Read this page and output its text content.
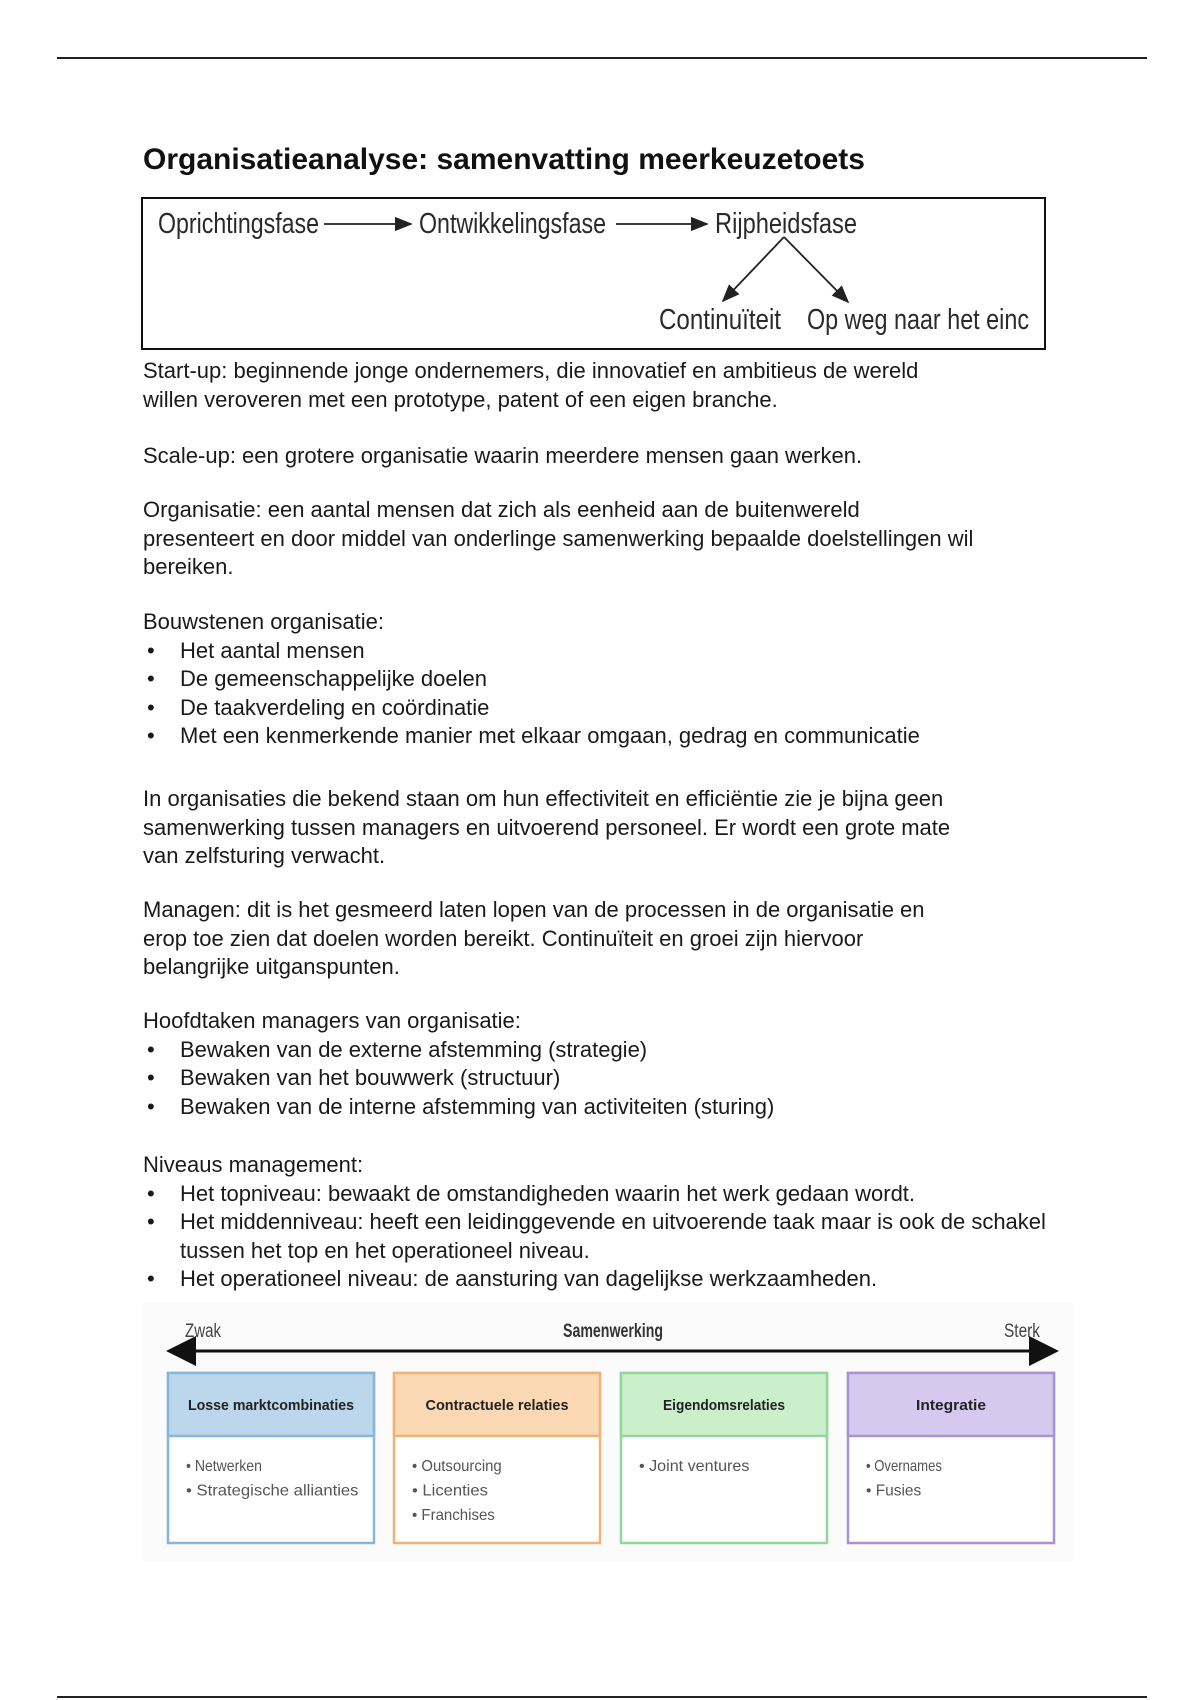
Organisatieanalyse: samenvatting meerkeuzetoets
Oprichtingsfase	Ontwikkelingsfase	Rijpheidsfase
Continuïteit Op weg naar het einc

Start-up: beginnende jonge ondernemers, die innovatief en ambitieus de wereld

willen veroveren met een prototype, patent of een eigen branche.

Scale-up: een grotere organisatie waarin meerdere mensen gaan werken.

Organisatie: een aantal mensen dat zich als eenheid aan de buitenwereld

presenteert en door middel van onderlinge samenwerking bepaalde doelstellingen wil

bereiken.

Bouwstenen organisatie:

• Het aantal mensen
• De gemeenschappelijke doelen
• De taakverdeling en coördinatie
• Met een kenmerkende manier met elkaar omgaan, gedrag en communicatie

In organisaties die bekend staan om hun effectiviteit en efficiëntie zie je bijna geen

samenwerking tussen managers en uitvoerend personeel. Er wordt een grote mate

van zelfsturing verwacht.

Managen: dit is het gesmeerd laten lopen van de processen in de organisatie en

erop toe zien dat doelen worden bereikt. Continuïteit en groei zijn hiervoor

belangrijke uitganspunten.

Hoofdtaken managers van organisatie:

• Bewaken van de externe afstemming (strategie)
• Bewaken van het bouwwerk (structuur)
• Bewaken van de interne afstemming van activiteiten (sturing)

Niveaus management:

• Het topniveau: bewaakt de omstandigheden waarin het werk gedaan wordt.
• Het middenniveau: heeft een leidinggevende en uitvoerende taak maar is ook de schakel tussen het top en het operationeel niveau.
• Het operationeel niveau: de aansturing van dagelijkse werkzaamheden.
Zwak	Samenwerking	Sterk
Losse marktcombinaties
• Netwerken
• Strategische allianties
Contractuele relaties
• Outsourcing
• Licenties
• Franchises
Eigendomsrelaties
• Joint ventures
Integratie
• Overnames
• Fusies
